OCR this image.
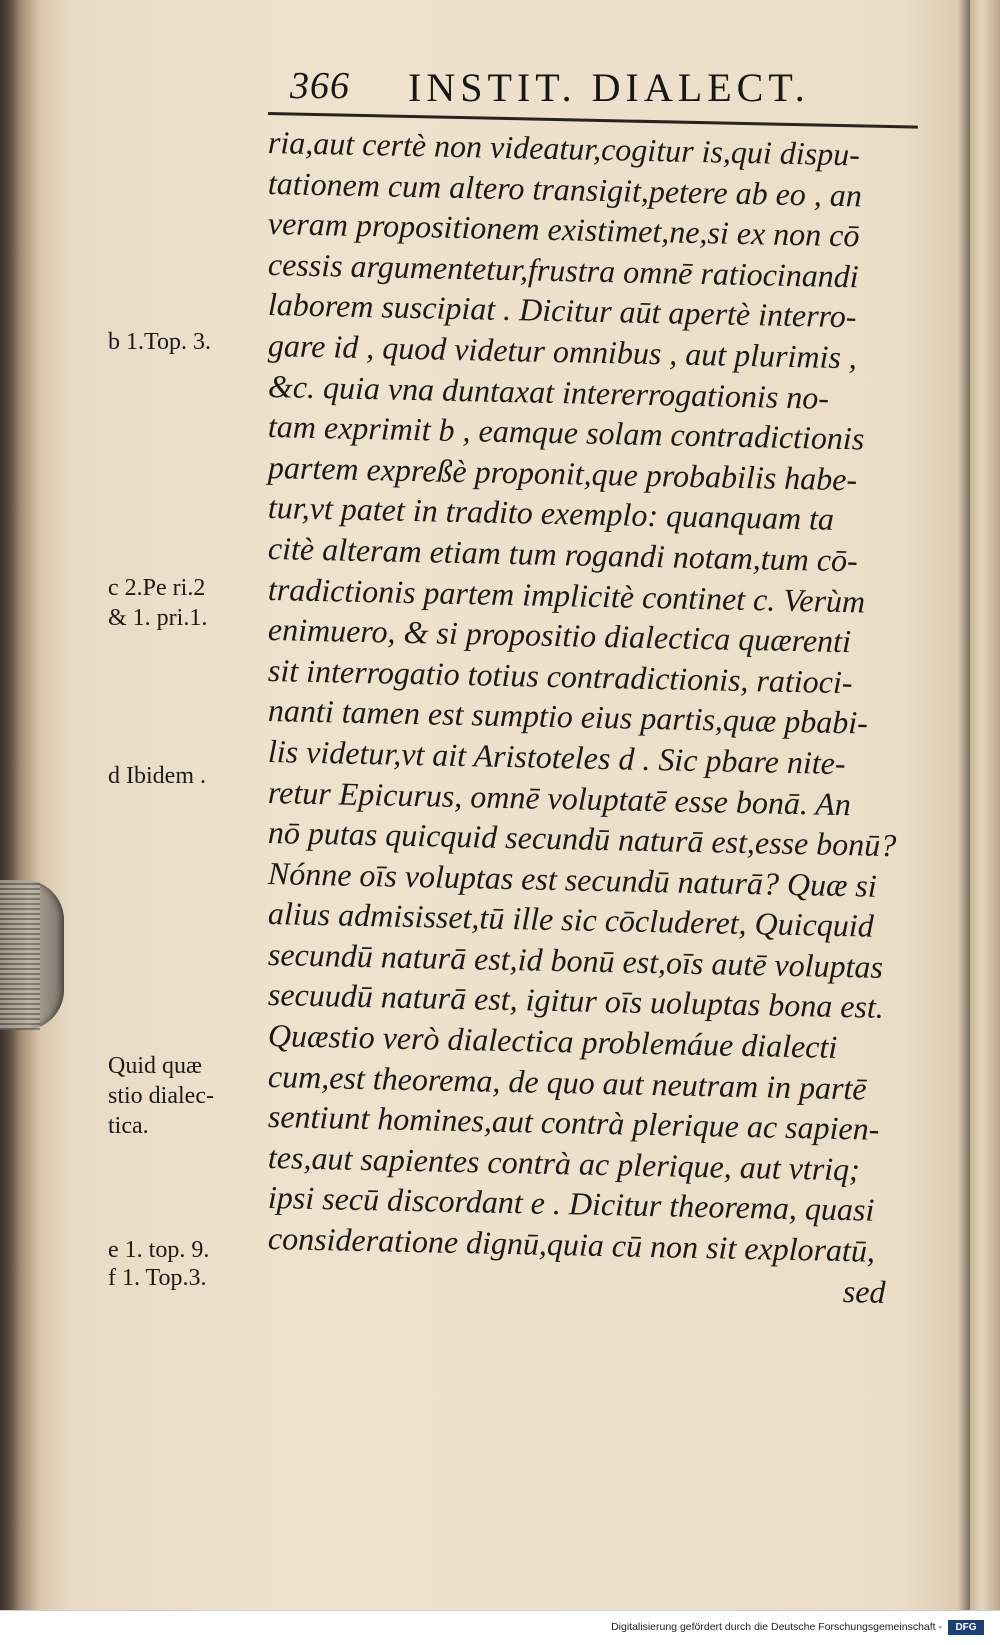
366 INSTIT. DIALECT.
ria,aut certè non videatur,cogitur is,qui dispu-
tationem cum altero transigit,petere ab eo , an
veram propositionem existimet,ne,si ex non cō
cessis argumentetur,frustra omnē ratiocinandi
laborem suscipiat . Dicitur aūt apertè interro-
gare id , quod videtur omnibus , aut plurimis ,
&c. quia vna duntaxat intererrogationis no-
tam exprimit b , eamque solam contradictionis
partem expreßè proponit,que probabilis habe-
tur,vt patet in tradito exemplo: quanquam ta
citè alteram etiam tum rogandi notam,tum cō-
tradictionis partem implicitè continet c. Verùm
enimuero, & si propositio dialectica quærenti
sit interrogatio totius contradictionis, ratioci-
nanti tamen est sumptio eius partis,quæ pbabi-
lis videtur,vt ait Aristoteles d . Sic pbare nite-
retur Epicurus, omnē voluptatē esse bonā. An
nō putas quicquid secundū naturā est,esse bonū?
Nónne oīs voluptas est secundū naturā? Quæ si
alius admisisset,tū ille sic cōcluderet, Quicquid
secundū naturā est,id bonū est,oīs autē voluptas
secuudū naturā est, igitur oīs uoluptas bona est.
Quæstio verò dialectica problemáue dialecti
cum,est theorema, de quo aut neutram in partē
sentiunt homines,aut contrà plerique ac sapien-
tes,aut sapientes contrà ac plerique, aut vtriq;
ipsi secū discordant e . Dicitur theorema, quasi
consideratione dignū,quia cū non sit exploratū,
sed
b 1.Top. 3.
c 2.Pe ri.2
& 1. pri.1.
d Ibidem .
Quid quæ
stio dialec-
tica.
e 1. top. 9.
f 1. Top.3.
Digitalisierung gefördert durch die Deutsche Forschungsgemeinschaft -	DFG
